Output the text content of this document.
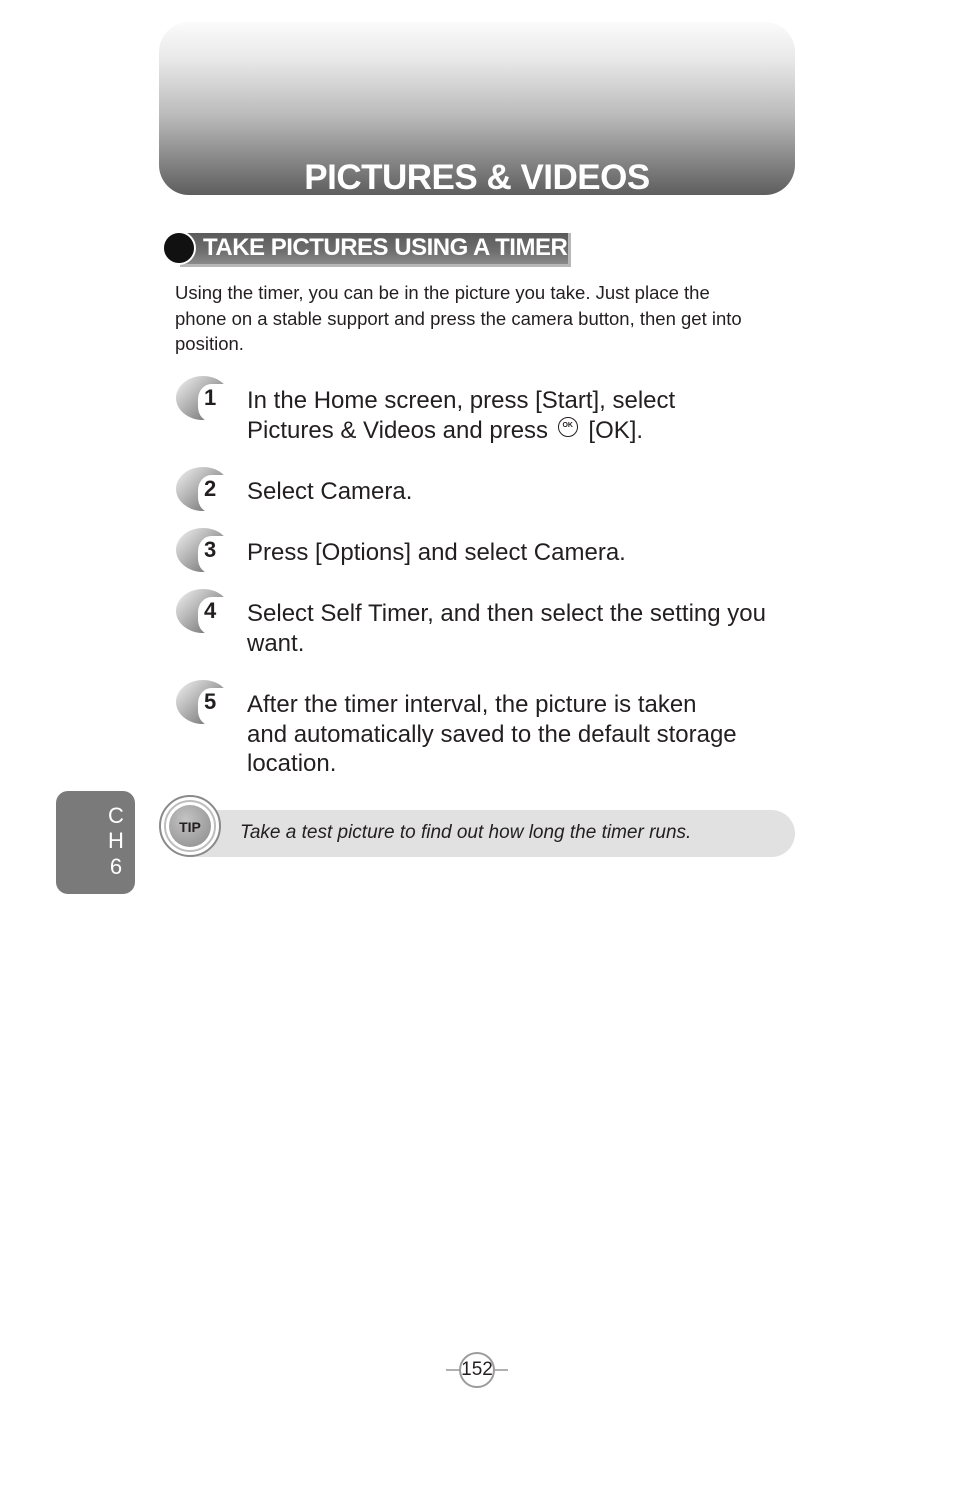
PICTURES & VIDEOS
TAKE PICTURES USING A TIMER

Using the timer, you can be in the picture you take. Just place the
phone on a stable support and press the camera button, then get into
position.

1 In the Home screen, press [Start], select
Pictures & Videos and press OK [OK].

2 Select Camera.

3 Press [Options] and select Camera.

4 Select Self Timer, and then select the setting you
want.

5 After the timer interval, the picture is taken
and automatically saved to the default storage
location.

C
H
6
Take a test picture to find out how long the timer runs.
TIP
152
